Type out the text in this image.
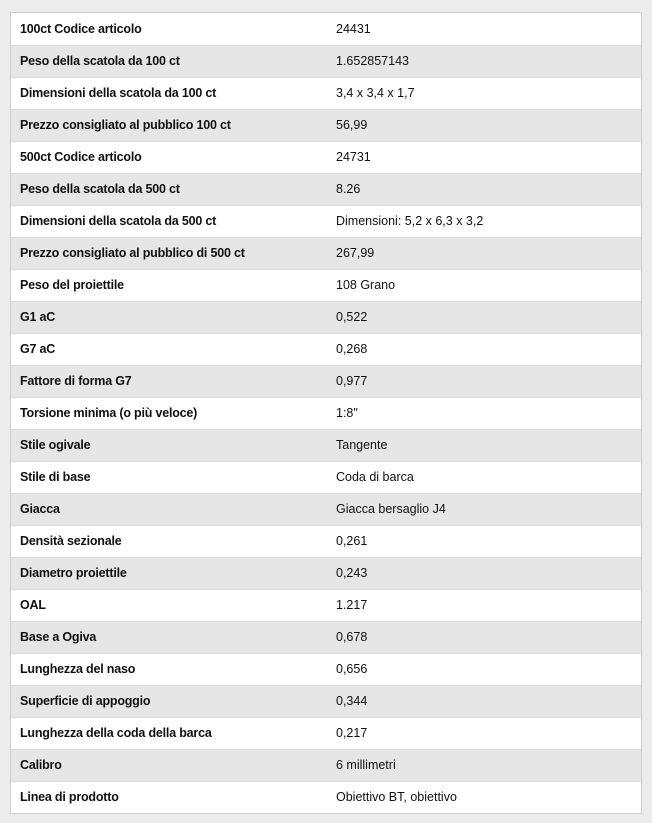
100ct Codice articolo	24431
Peso della scatola da 100 ct	1.652857143
Dimensioni della scatola da 100 ct	3,4 x 3,4 x 1,7
Prezzo consigliato al pubblico 100 ct	56,99
500ct Codice articolo	24731
Peso della scatola da 500 ct	8.26
Dimensioni della scatola da 500 ct	Dimensioni: 5,2 x 6,3 x 3,2
Prezzo consigliato al pubblico di 500 ct	267,99
Peso del proiettile	108 Grano
G1 aC	0,522
G7 aC	0,268
Fattore di forma G7	0,977
Torsione minima (o più veloce)	1:8"
Stile ogivale	Tangente
Stile di base	Coda di barca
Giacca	Giacca bersaglio J4
Densità sezionale	0,261
Diametro proiettile	0,243
OAL	1.217
Base a Ogiva	0,678
Lunghezza del naso	0,656
Superficie di appoggio	0,344
Lunghezza della coda della barca	0,217
Calibro	6 millimetri
Linea di prodotto	Obiettivo BT, obiettivo
